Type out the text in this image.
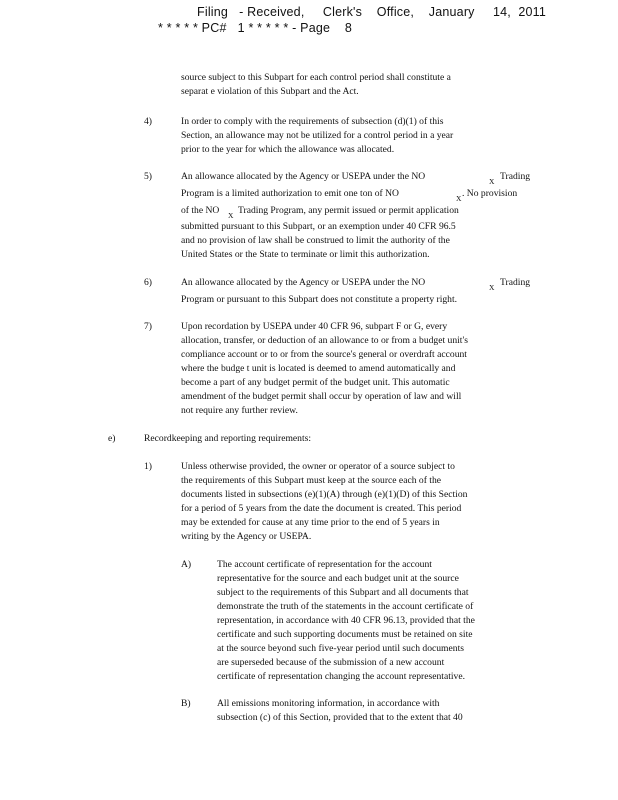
Filing   - Received,     Clerk's    Office,    January     14,  2011
* * * * * PC#   1 * * * * * - Page    8
source subject to this Subpart for each control period shall constitute a
separat e violation of this Subpart and the Act.
4)	In order to comply with the requirements of subsection (d)(1) of this
Section, an allowance may not be utilized for a control period in a year
prior to the year for which the allowance was allocated.
5)	An allowance allocated by the Agency or USEPA under the NO	X Trading
Program is a limited authorization to emit one ton of NO	X . No provision
of the NO X Trading Program, any permit issued or permit application
submitted pursuant to this Subpart, or an exemption under 40 CFR 96.5
and no provision of law shall be construed to limit the authority of the
United States or the State to terminate or limit this authorization.
6)	An allowance allocated by the Agency or USEPA under the NO	X Trading
Program or pursuant to this Subpart does not constitute a property right.
7)	Upon recordation by USEPA under 40 CFR 96, subpart F or G, every
allocation, transfer, or deduction of an allowance to or from a budget unit's
compliance account or to or from the source's general or overdraft account
where the budge t unit is located is deemed to amend automatically and
become a part of any budget permit of the budget unit. This automatic
amendment of the budget permit shall occur by operation of law and will
not require any further review.
e)	Recordkeeping and reporting requirements:
1)	Unless otherwise provided, the owner or operator of a source subject to
the requirements of this Subpart must keep at the source each of the
documents listed in subsections (e)(1)(A) through (e)(1)(D) of this Section
for a period of 5 years from the date the document is created. This period
may be extended for cause at any time prior to the end of 5 years in
writing by the Agency or USEPA.
A)	The account certificate of representation for the account
representative for the source and each budget unit at the source
subject to the requirements of this Subpart and all documents that
demonstrate the truth of the statements in the account certificate of
representation, in accordance with 40 CFR 96.13, provided that the
certificate and such supporting documents must be retained on site
at the source beyond such five-year period until such documents
are superseded because of the submission of a new account
certificate of representation changing the account representative.
B)	All emissions monitoring information, in accordance with
subsection (c) of this Section, provided that to the extent that 40
